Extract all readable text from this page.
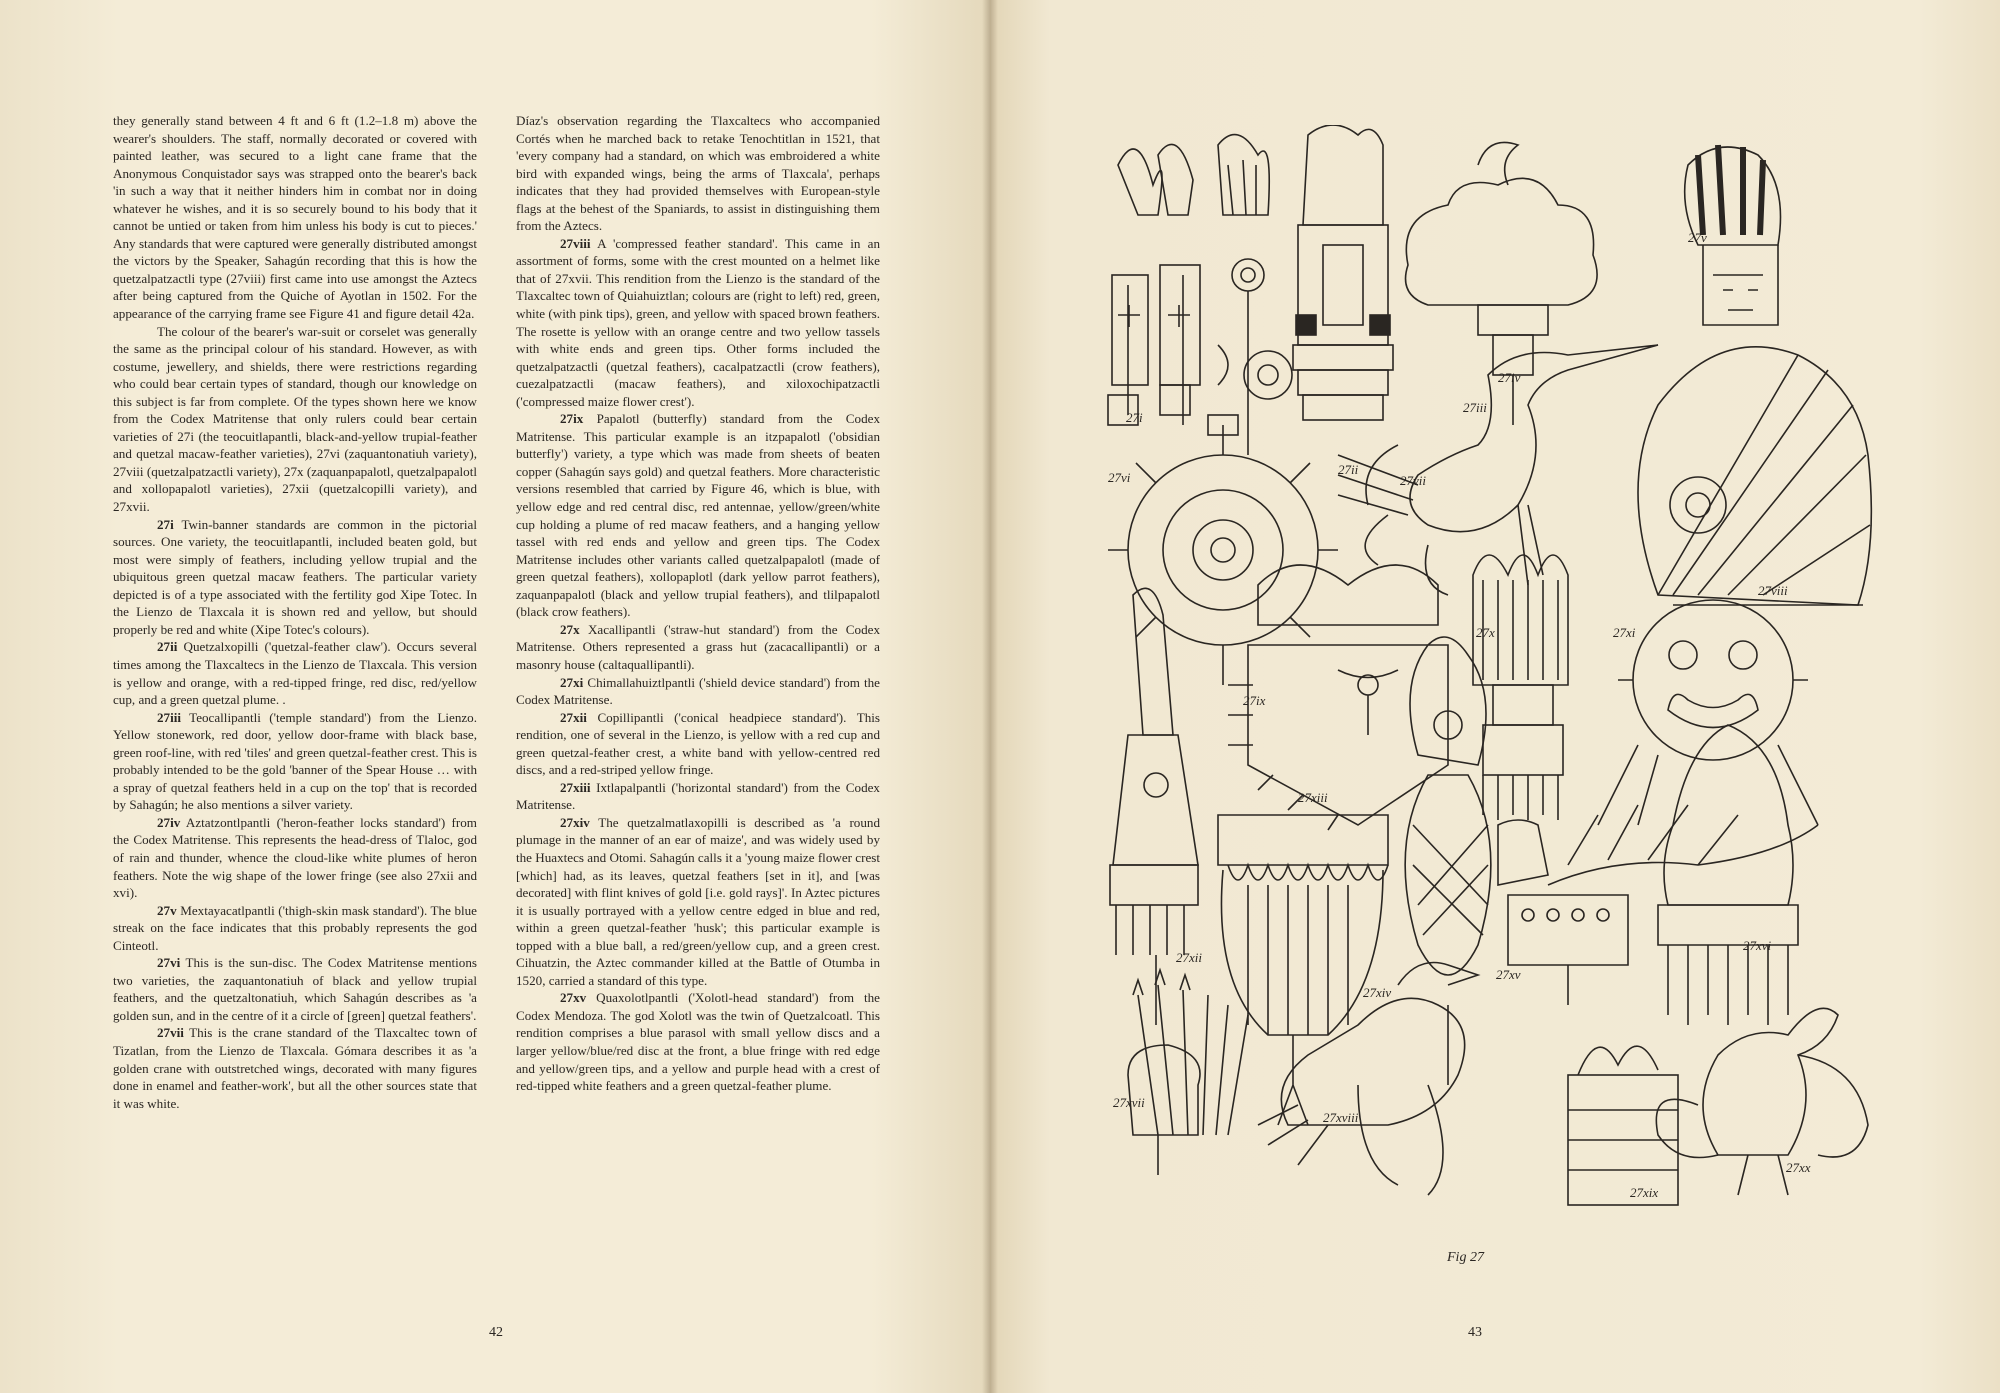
they generally stand between 4 ft and 6 ft (1.2–1.8 m) above the wearer's shoulders. The staff, normally decorated or covered with painted leather, was secured to a light cane frame that the Anonymous Conquistador says was strapped onto the bearer's back 'in such a way that it neither hinders him in combat nor in doing whatever he wishes, and it is so securely bound to his body that it cannot be untied or taken from him unless his body is cut to pieces.' Any standards that were captured were generally distributed amongst the victors by the Speaker, Sahagún recording that this is how the quetzalpatzactli type (27viii) first came into use amongst the Aztecs after being captured from the Quiche of Ayotlan in 1502. For the appearance of the carrying frame see Figure 41 and figure detail 42a.

The colour of the bearer's war-suit or corselet was generally the same as the principal colour of his standard. However, as with costume, jewellery, and shields, there were restrictions regarding who could bear certain types of standard, though our knowledge on this subject is far from complete. Of the types shown here we know from the Codex Matritense that only rulers could bear certain varieties of 27i (the teocuitlapantli, black-and-yellow trupial-feather and quetzal macaw-feather varieties), 27vi (zaquantonatiuh variety), 27viii (quetzalpatzactli variety), 27x (zaquanpapalotl, quetzalpapalotl and xollopapalotl varieties), 27xii (quetzalcopilli variety), and 27xvii.

27i Twin-banner standards are common in the pictorial sources. One variety, the teocuitlapantli, included beaten gold, but most were simply of feathers, including yellow trupial and the ubiquitous green quetzal macaw feathers. The particular variety depicted is of a type associated with the fertility god Xipe Totec. In the Lienzo de Tlaxcala it is shown red and yellow, but should properly be red and white (Xipe Totec's colours).

27ii Quetzalxopilli ('quetzal-feather claw'). Occurs several times among the Tlaxcaltecs in the Lienzo de Tlaxcala. This version is yellow and orange, with a red-tipped fringe, red disc, red/yellow cup, and a green quetzal plume. .

27iii Teocallipantli ('temple standard') from the Lienzo. Yellow stonework, red door, yellow door-frame with black base, green roof-line, with red 'tiles' and green quetzal-feather crest. This is probably intended to be the gold 'banner of the Spear House … with a spray of quetzal feathers held in a cup on the top' that is recorded by Sahagún; he also mentions a silver variety.

27iv Aztatzontlpantli ('heron-feather locks standard') from the Codex Matritense. This represents the head-dress of Tlaloc, god of rain and thunder, whence the cloud-like white plumes of heron feathers. Note the wig shape of the lower fringe (see also 27xii and xvi).

27v Mextayacatlpantli ('thigh-skin mask standard'). The blue streak on the face indicates that this probably represents the god Cinteotl.

27vi This is the sun-disc. The Codex Matritense mentions two varieties, the zaquantonatiuh of black and yellow trupial feathers, and the quetzaltonatiuh, which Sahagún describes as 'a golden sun, and in the centre of it a circle of [green] quetzal feathers'.

27vii This is the crane standard of the Tlaxcaltec town of Tizatlan, from the Lienzo de Tlaxcala. Gómara describes it as 'a golden crane with outstretched wings, decorated with many figures done in enamel and feather-work', but all the other sources state that it was white.

Díaz's observation regarding the Tlaxcaltecs who accompanied Cortés when he marched back to retake Tenochtitlan in 1521, that 'every company had a standard, on which was embroidered a white bird with expanded wings, being the arms of Tlaxcala', perhaps indicates that they had provided themselves with European-style flags at the behest of the Spaniards, to assist in distinguishing them from the Aztecs.

27viii A 'compressed feather standard'. This came in an assortment of forms, some with the crest mounted on a helmet like that of 27xvii. This rendition from the Lienzo is the standard of the Tlaxcaltec town of Quiahuiztlan; colours are (right to left) red, green, white (with pink tips), green, and yellow with spaced brown feathers. The rosette is yellow with an orange centre and two yellow tassels with white ends and green tips. Other forms included the quetzalpatzactli (quetzal feathers), cacalpatzactli (crow feathers), cuezalpatzactli (macaw feathers), and xiloxochipatzactli ('compressed maize flower crest').

27ix Papalotl (butterfly) standard from the Codex Matritense. This particular example is an itzpapalotl ('obsidian butterfly') variety, a type which was made from sheets of beaten copper (Sahagún says gold) and quetzal feathers. More characteristic versions resembled that carried by Figure 46, which is blue, with yellow edge and red central disc, red antennae, yellow/green/white cup holding a plume of red macaw feathers, and a hanging yellow tassel with red ends and yellow and green tips. The Codex Matritense includes other variants called quetzalpapalotl (made of green quetzal feathers), xollopaplotl (dark yellow parrot feathers), zaquanpapalotl (black and yellow trupial feathers), and tlilpapalotl (black crow feathers).

27x Xacallipantli ('straw-hut standard') from the Codex Matritense. Others represented a grass hut (zacacallipantli) or a masonry house (caltaquallipantli).

27xi Chimallahuiztlpantli ('shield device standard') from the Codex Matritense.

27xii Copillipantli ('conical headpiece standard'). This rendition, one of several in the Lienzo, is yellow with a red cup and green quetzal-feather crest, a white band with yellow-centred red discs, and a red-striped yellow fringe.

27xiii Ixtlapalpantli ('horizontal standard') from the Codex Matritense.

27xiv The quetzalmatlaxopilli is described as 'a round plumage in the manner of an ear of maize', and was widely used by the Huaxtecs and Otomi. Sahagún calls it a 'young maize flower crest [which] had, as its leaves, quetzal feathers [set in it], and [was decorated] with flint knives of gold [i.e. gold rays]'. In Aztec pictures it is usually portrayed with a yellow centre edged in blue and red, within a green quetzal-feather 'husk'; this particular example is topped with a blue ball, a red/green/yellow cup, and a green crest. Cihuatzin, the Aztec commander killed at the Battle of Otumba in 1520, carried a standard of this type.

27xv Quaxolotlpantli ('Xolotl-head standard') from the Codex Mendoza. The god Xolotl was the twin of Quetzalcoatl. This rendition comprises a blue parasol with small yellow discs and a larger yellow/blue/red disc at the front, a blue fringe with red edge and yellow/green tips, and a yellow and purple head with a crest of red-tipped white feathers and a green quetzal-feather plume.

42
27i
27ii
27iii
27iv
27v
27vi	27vii
27viii
27ix
27x	27xi
27xii
27xiii
27xiv
27xv
27xvi
27xvii
27xviii
27xix
27xx
Fig 27
43
